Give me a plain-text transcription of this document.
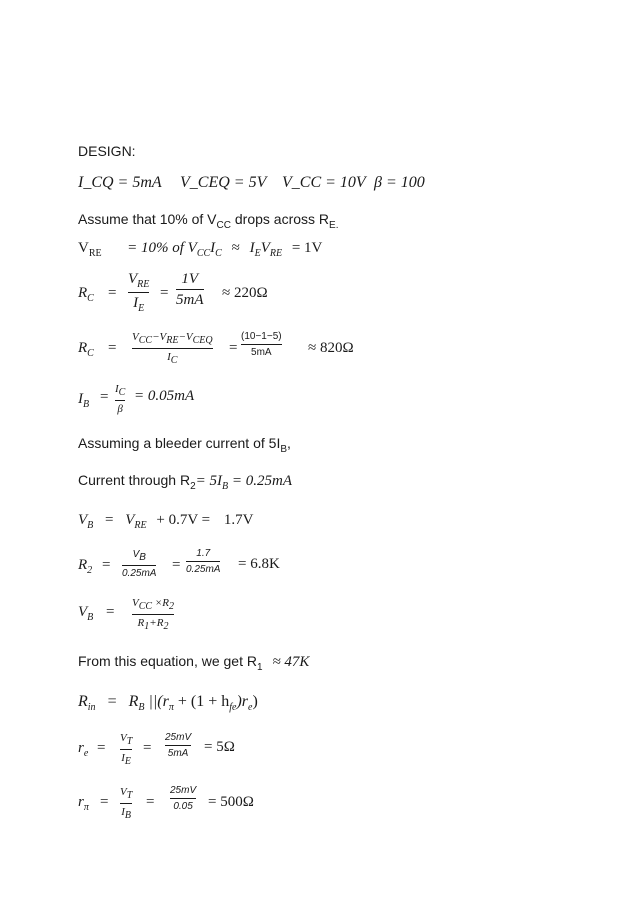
DESIGN:
I_CQ = 5mA V_CEQ = 5V V_CC = 10V β = 100
Assume that 10% of $V_{CC}$ drops across $R_{E.}$
$V_{RE} = 10\%$ of $V_{CC}I_C \approx I_EV_{RE} = 1V$
$R_C$ =
$V_{RE}$
$I_E$
=
1V
5mA ≈ 220Ω
$R_C$ =
$V_{CC}-V_{RE}-V_{CEQ}$
$I_C$
=
(10−1−5)
5mA ≈ 820Ω
$I_B = I_C$
β
= 0.05mA
Assuming a bleeder current of $5I_B$,
Current through $R_2= 5I_B = 0.25mA$
$V_B = V_{RE} + 0.7V = 1.7V$
$R_2$ =
$V_B$
0.25mA
=
1.7
0.25mA = 6.8K
$V_B$ =
$V_{CC} \times R_2$
$R_1+R_2$
From this equation, we get $R_1 \approx 47K$
$R_{in} = R_B$ $||(r_\pi + (1 + h_{fe})r_e)$
$r_e$ =
$V_T$
$I_E$
=
25mV
5mA = 5Ω
$r_\pi$ =
$V_T$
$I_B$
=
25mV
0.05 = 500Ω
